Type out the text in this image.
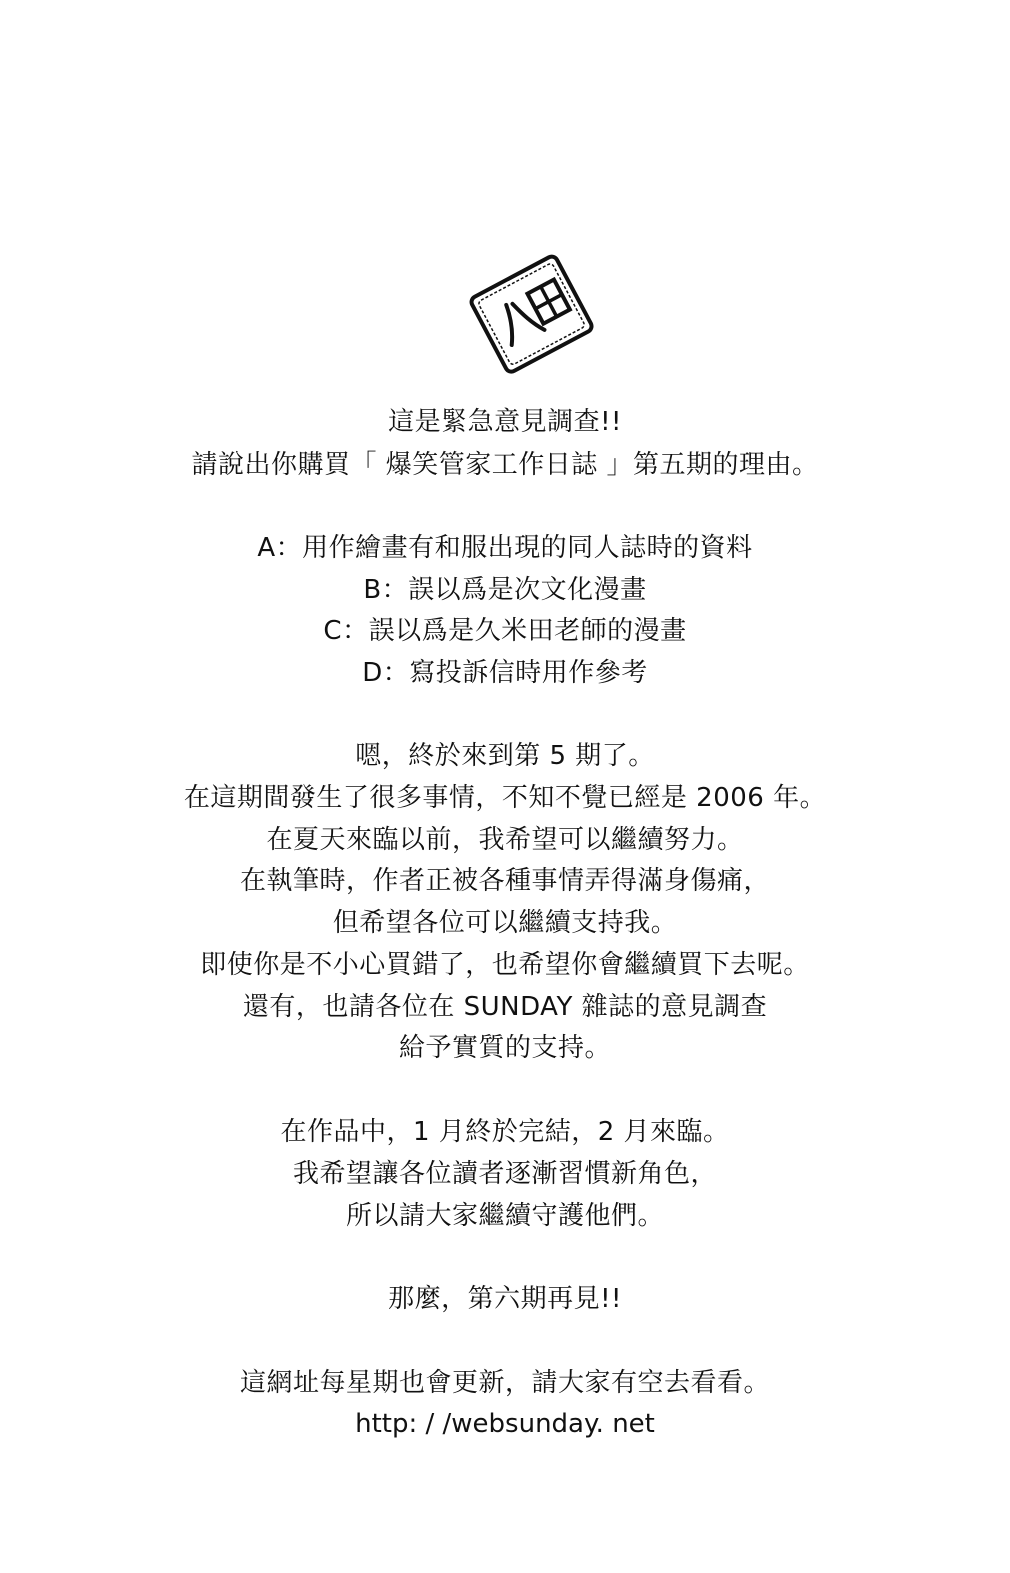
這是緊急意見調查!!
請說出你購買「 爆笑管家工作日誌 」第五期的理由。
A：用作繪畫有和服出現的同人誌時的資料
B：誤以爲是次文化漫畫
C：誤以爲是久米田老師的漫畫
D：寫投訴信時用作參考
嗯，終於來到第 5 期了。
在這期間發生了很多事情，不知不覺已經是 2006 年。
在夏天來臨以前，我希望可以繼續努力。
在執筆時，作者正被各種事情弄得滿身傷痛，
但希望各位可以繼續支持我。
即使你是不小心買錯了，也希望你會繼續買下去呢。
還有，也請各位在 SUNDAY 雜誌的意見調查
給予實質的支持。
在作品中，1 月終於完結，2 月來臨。
我希望讓各位讀者逐漸習慣新角色，
所以請大家繼續守護他們。
那麼，第六期再見!!
這網址每星期也會更新，請大家有空去看看。
http: / /websunday. net
